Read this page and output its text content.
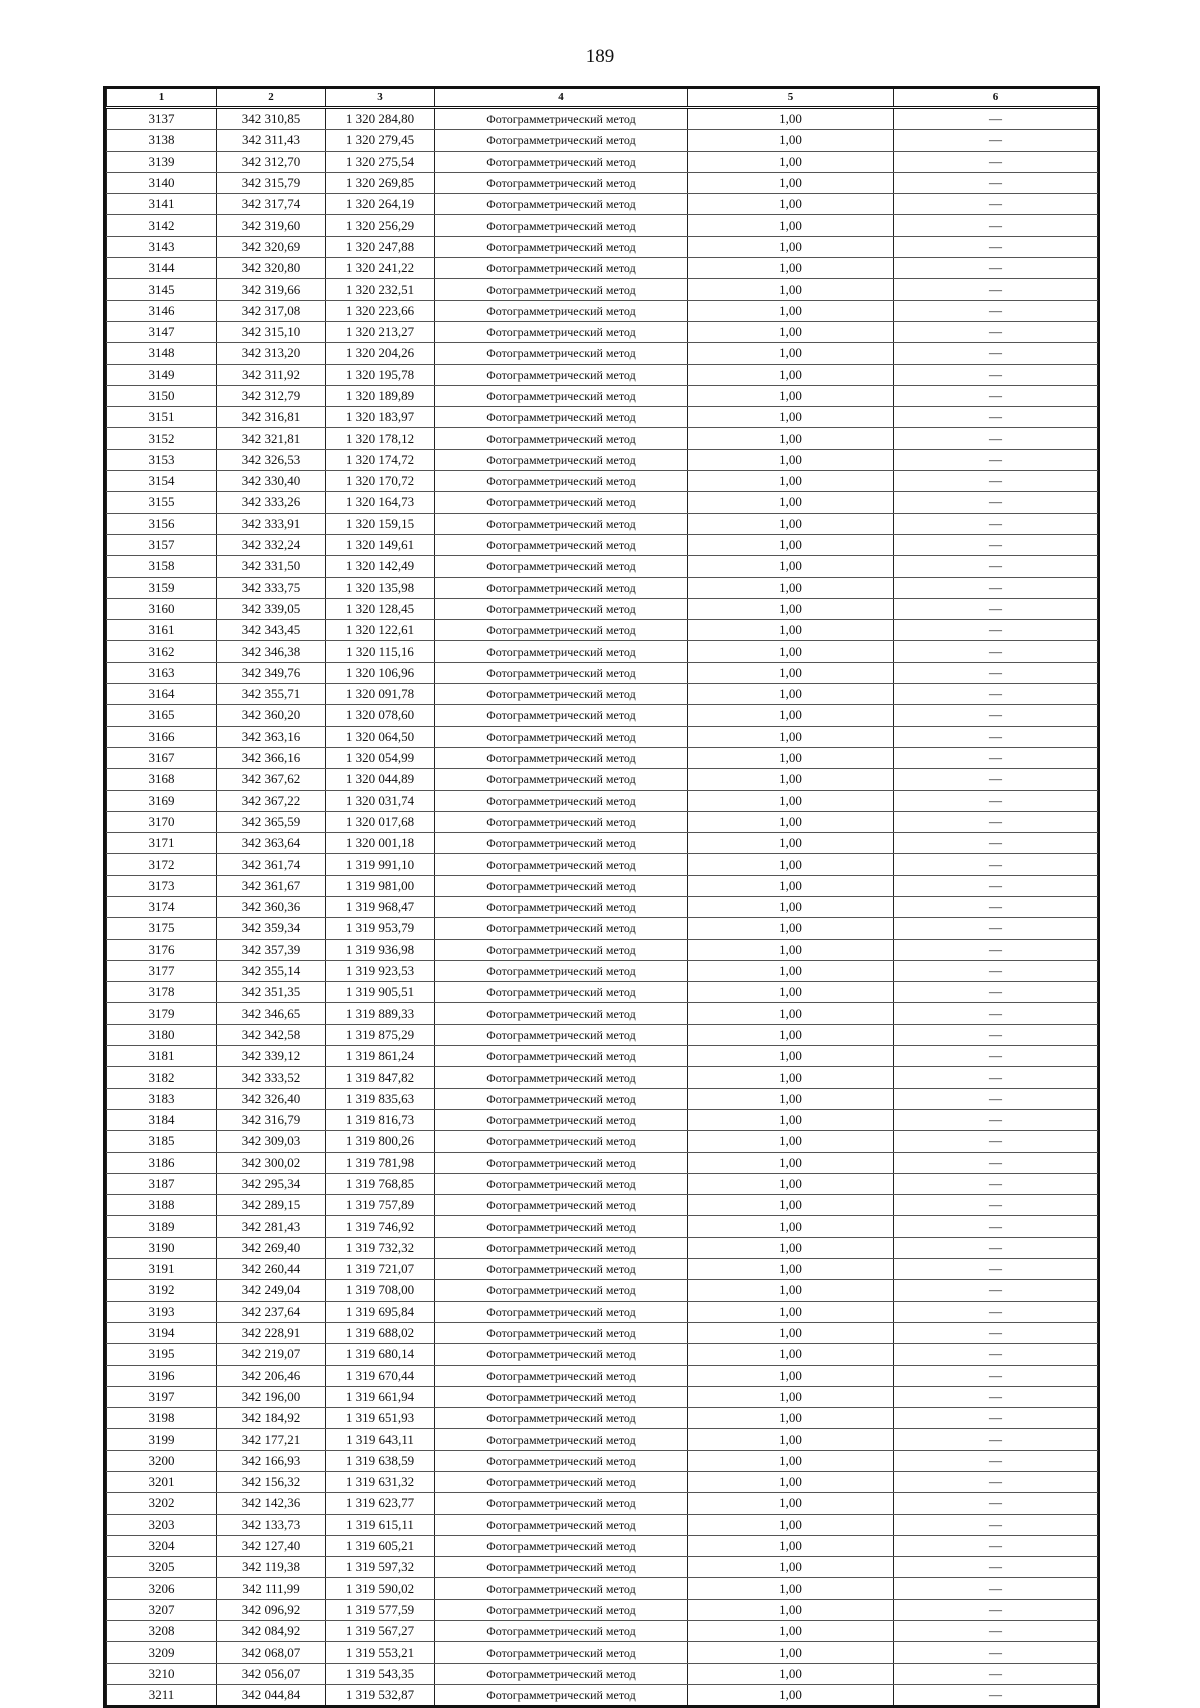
189
1	2	3	4	5	6
3137	342 310,85	1 320 284,80	Фотограмметрический метод	1,00	—
3138	342 311,43	1 320 279,45	Фотограмметрический метод	1,00	—
3139	342 312,70	1 320 275,54	Фотограмметрический метод	1,00	—
3140	342 315,79	1 320 269,85	Фотограмметрический метод	1,00	—
3141	342 317,74	1 320 264,19	Фотограмметрический метод	1,00	—
3142	342 319,60	1 320 256,29	Фотограмметрический метод	1,00	—
3143	342 320,69	1 320 247,88	Фотограмметрический метод	1,00	—
3144	342 320,80	1 320 241,22	Фотограмметрический метод	1,00	—
3145	342 319,66	1 320 232,51	Фотограмметрический метод	1,00	—
3146	342 317,08	1 320 223,66	Фотограмметрический метод	1,00	—
3147	342 315,10	1 320 213,27	Фотограмметрический метод	1,00	—
3148	342 313,20	1 320 204,26	Фотограмметрический метод	1,00	—
3149	342 311,92	1 320 195,78	Фотограмметрический метод	1,00	—
3150	342 312,79	1 320 189,89	Фотограмметрический метод	1,00	—
3151	342 316,81	1 320 183,97	Фотограмметрический метод	1,00	—
3152	342 321,81	1 320 178,12	Фотограмметрический метод	1,00	—
3153	342 326,53	1 320 174,72	Фотограмметрический метод	1,00	—
3154	342 330,40	1 320 170,72	Фотограмметрический метод	1,00	—
3155	342 333,26	1 320 164,73	Фотограмметрический метод	1,00	—
3156	342 333,91	1 320 159,15	Фотограмметрический метод	1,00	—
3157	342 332,24	1 320 149,61	Фотограмметрический метод	1,00	—
3158	342 331,50	1 320 142,49	Фотограмметрический метод	1,00	—
3159	342 333,75	1 320 135,98	Фотограмметрический метод	1,00	—
3160	342 339,05	1 320 128,45	Фотограмметрический метод	1,00	—
3161	342 343,45	1 320 122,61	Фотограмметрический метод	1,00	—
3162	342 346,38	1 320 115,16	Фотограмметрический метод	1,00	—
3163	342 349,76	1 320 106,96	Фотограмметрический метод	1,00	—
3164	342 355,71	1 320 091,78	Фотограмметрический метод	1,00	—
3165	342 360,20	1 320 078,60	Фотограмметрический метод	1,00	—
3166	342 363,16	1 320 064,50	Фотограмметрический метод	1,00	—
3167	342 366,16	1 320 054,99	Фотограмметрический метод	1,00	—
3168	342 367,62	1 320 044,89	Фотограмметрический метод	1,00	—
3169	342 367,22	1 320 031,74	Фотограмметрический метод	1,00	—
3170	342 365,59	1 320 017,68	Фотограмметрический метод	1,00	—
3171	342 363,64	1 320 001,18	Фотограмметрический метод	1,00	—
3172	342 361,74	1 319 991,10	Фотограмметрический метод	1,00	—
3173	342 361,67	1 319 981,00	Фотограмметрический метод	1,00	—
3174	342 360,36	1 319 968,47	Фотограмметрический метод	1,00	—
3175	342 359,34	1 319 953,79	Фотограмметрический метод	1,00	—
3176	342 357,39	1 319 936,98	Фотограмметрический метод	1,00	—
3177	342 355,14	1 319 923,53	Фотограмметрический метод	1,00	—
3178	342 351,35	1 319 905,51	Фотограмметрический метод	1,00	—
3179	342 346,65	1 319 889,33	Фотограмметрический метод	1,00	—
3180	342 342,58	1 319 875,29	Фотограмметрический метод	1,00	—
3181	342 339,12	1 319 861,24	Фотограмметрический метод	1,00	—
3182	342 333,52	1 319 847,82	Фотограмметрический метод	1,00	—
3183	342 326,40	1 319 835,63	Фотограмметрический метод	1,00	—
3184	342 316,79	1 319 816,73	Фотограмметрический метод	1,00	—
3185	342 309,03	1 319 800,26	Фотограмметрический метод	1,00	—
3186	342 300,02	1 319 781,98	Фотограмметрический метод	1,00	—
3187	342 295,34	1 319 768,85	Фотограмметрический метод	1,00	—
3188	342 289,15	1 319 757,89	Фотограмметрический метод	1,00	—
3189	342 281,43	1 319 746,92	Фотограмметрический метод	1,00	—
3190	342 269,40	1 319 732,32	Фотограмметрический метод	1,00	—
3191	342 260,44	1 319 721,07	Фотограмметрический метод	1,00	—
3192	342 249,04	1 319 708,00	Фотограмметрический метод	1,00	—
3193	342 237,64	1 319 695,84	Фотограмметрический метод	1,00	—
3194	342 228,91	1 319 688,02	Фотограмметрический метод	1,00	—
3195	342 219,07	1 319 680,14	Фотограмметрический метод	1,00	—
3196	342 206,46	1 319 670,44	Фотограмметрический метод	1,00	—
3197	342 196,00	1 319 661,94	Фотограмметрический метод	1,00	—
3198	342 184,92	1 319 651,93	Фотограмметрический метод	1,00	—
3199	342 177,21	1 319 643,11	Фотограмметрический метод	1,00	—
3200	342 166,93	1 319 638,59	Фотограмметрический метод	1,00	—
3201	342 156,32	1 319 631,32	Фотограмметрический метод	1,00	—
3202	342 142,36	1 319 623,77	Фотограмметрический метод	1,00	—
3203	342 133,73	1 319 615,11	Фотограмметрический метод	1,00	—
3204	342 127,40	1 319 605,21	Фотограмметрический метод	1,00	—
3205	342 119,38	1 319 597,32	Фотограмметрический метод	1,00	—
3206	342 111,99	1 319 590,02	Фотограмметрический метод	1,00	—
3207	342 096,92	1 319 577,59	Фотограмметрический метод	1,00	—
3208	342 084,92	1 319 567,27	Фотограмметрический метод	1,00	—
3209	342 068,07	1 319 553,21	Фотограмметрический метод	1,00	—
3210	342 056,07	1 319 543,35	Фотограмметрический метод	1,00	—
3211	342 044,84	1 319 532,87	Фотограмметрический метод	1,00	—
